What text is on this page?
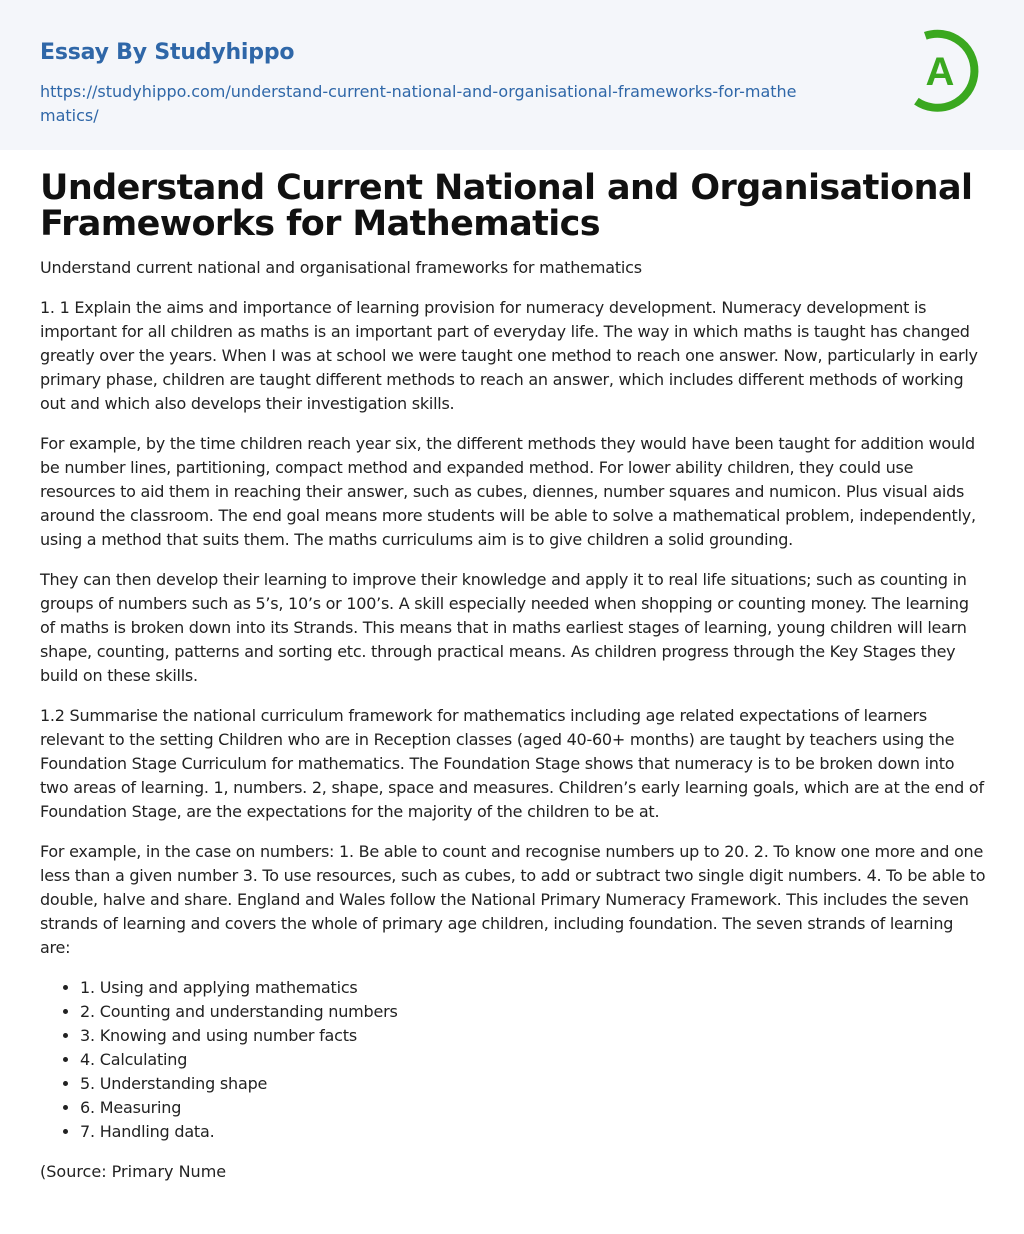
Essay By Studyhippo
https://studyhippo.com/understand-current-national-and-organisational-frameworks-for-mathematics/
A
Understand Current National and Organisational Frameworks for Mathematics

Understand current national and organisational frameworks for mathematics

1. 1 Explain the aims and importance of learning provision for numeracy development. Numeracy development is important for all children as maths is an important part of everyday life. The way in which maths is taught has changed greatly over the years. When I was at school we were taught one method to reach one answer. Now, particularly in early primary phase, children are taught different methods to reach an answer, which includes different methods of working out and which also develops their investigation skills.

For example, by the time children reach year six, the different methods they would have been taught for addition would be number lines, partitioning, compact method and expanded method. For lower ability children, they could use resources to aid them in reaching their answer, such as cubes, diennes, number squares and numicon. Plus visual aids around the classroom. The end goal means more students will be able to solve a mathematical problem, independently, using a method that suits them. The maths curriculums aim is to give children a solid grounding.

They can then develop their learning to improve their knowledge and apply it to real life situations; such as counting in groups of numbers such as 5’s, 10’s or 100’s. A skill especially needed when shopping or counting money. The learning of maths is broken down into its Strands. This means that in maths earliest stages of learning, young children will learn shape, counting, patterns and sorting etc. through practical means. As children progress through the Key Stages they build on these skills.

1.2 Summarise the national curriculum framework for mathematics including age related expectations of learners relevant to the setting Children who are in Reception classes (aged 40-60+ months) are taught by teachers using the Foundation Stage Curriculum for mathematics. The Foundation Stage shows that numeracy is to be broken down into two areas of learning. 1, numbers. 2, shape, space and measures. Children’s early learning goals, which are at the end of Foundation Stage, are the expectations for the majority of the children to be at.

For example, in the case on numbers: 1. Be able to count and recognise numbers up to 20. 2. To know one more and one less than a given number 3. To use resources, such as cubes, to add or subtract two single digit numbers. 4. To be able to double, halve and share. England and Wales follow the National Primary Numeracy Framework. This includes the seven strands of learning and covers the whole of primary age children, including foundation. The seven strands of learning are:

• 1. Using and applying mathematics
• 2. Counting and understanding numbers
• 3. Knowing and using number facts
• 4. Calculating
• 5. Understanding shape
• 6. Measuring
• 7. Handling data.

(Source: Primary Nume
